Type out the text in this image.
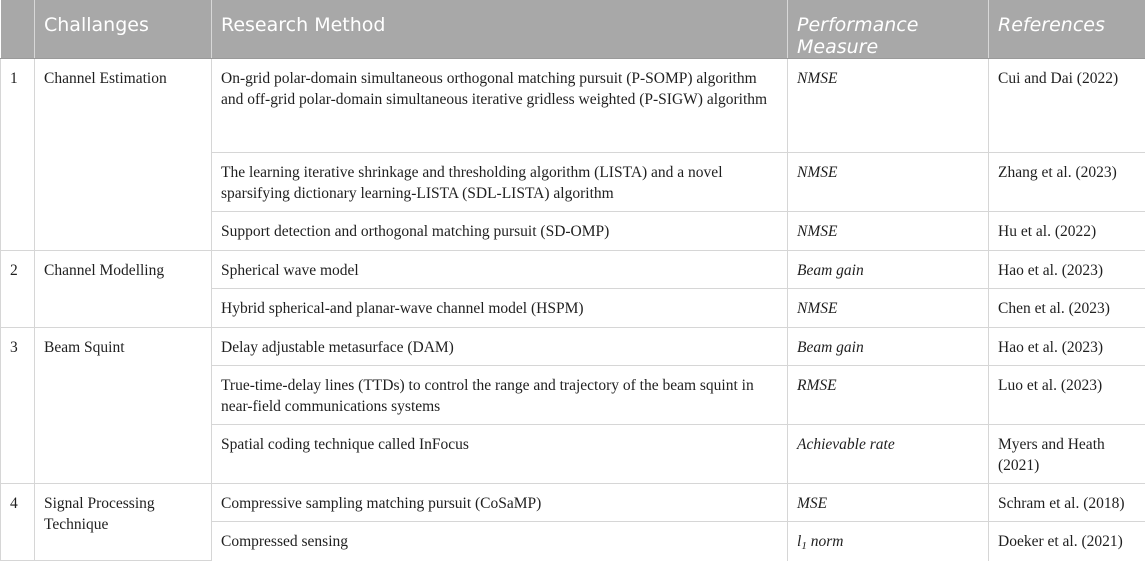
	Challanges	Research Method	Performance Measure	References
1	Channel Estimation	On-grid polar-domain simultaneous orthogonal matching pursuit (P-SOMP) algorithm and off-grid polar-domain simultaneous iterative gridless weighted (P-SIGW) algorithm	NMSE	Cui and Dai (2022)
		The learning iterative shrinkage and thresholding algorithm (LISTA) and a novel sparsifying dictionary learning-LISTA (SDL-LISTA) algorithm	NMSE	Zhang et al. (2023)
		Support detection and orthogonal matching pursuit (SD-OMP)	NMSE	Hu et al. (2022)
2	Channel Modelling	Spherical wave model	Beam gain	Hao et al. (2023)
		Hybrid spherical-and planar-wave channel model (HSPM)	NMSE	Chen et al. (2023)
3	Beam Squint	Delay adjustable metasurface (DAM)	Beam gain	Hao et al. (2023)
		True-time-delay lines (TTDs) to control the range and trajectory of the beam squint in near-field communications systems	RMSE	Luo et al. (2023)
		Spatial coding technique called InFocus	Achievable rate	Myers and Heath (2021)
4	Signal Processing Technique	Compressive sampling matching pursuit (CoSaMP)	MSE	Schram et al. (2018)
		Compressed sensing	$l_1$ norm	Doeker et al. (2021)
